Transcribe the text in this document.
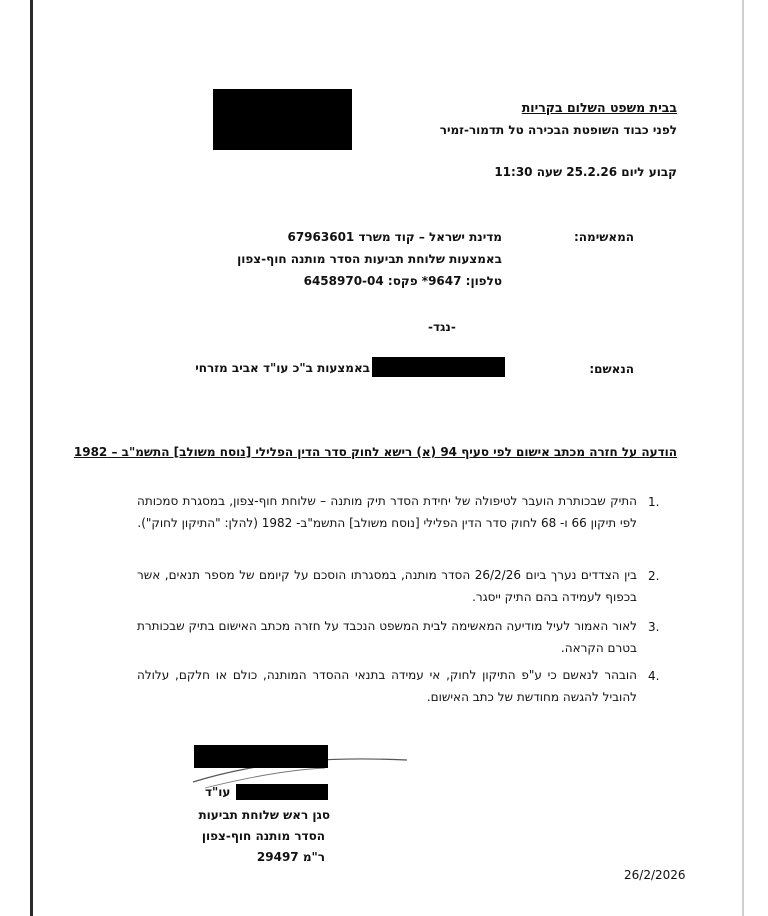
בבית משפט השלום בקריות
לפני כבוד השופטת הבכירה טל תדמור-זמיר
קבוע ליום 25.2.26 שעה 11:30
המאשימה:
מדינת ישראל – קוד משרד 67963601
באמצעות שלוחת תביעות הסדר מותנה חוף-צפון
טלפון: 9647* פקס: 6458970-04
-נגד-
הנאשם:
באמצעות ב"כ עו"ד אביב מזרחי
הודעה על חזרה מכתב אישום לפי סעיף 94 (א) רישא לחוק סדר הדין הפלילי [נוסח משולב] התשמ"ב – 1982
1.
התיק שבכותרת הועבר לטיפולה של יחידת הסדר תיק מותנה – שלוחת חוף-צפון, במסגרת סמכותה לפי תיקון 66 ו- 68 לחוק סדר הדין הפלילי [נוסח משולב] התשמ"ב- 1982 (להלן: "התיקון לחוק").
2.
בין הצדדים נערך ביום 26/2/26 הסדר מותנה, במסגרתו הוסכם על קיומם של מספר תנאים, אשר בכפוף לעמידה בהם התיק ייסגר.
3.
לאור האמור לעיל מודיעה המאשימה לבית המשפט הנכבד על חזרה מכתב האישום בתיק שבכותרת בטרם הקראה.
4.
הובהר לנאשם כי ע"פ התיקון לחוק, אי עמידה בתנאי ההסדר המותנה, כולם או חלקם, עלולה להוביל להגשה מחודשת של כתב האישום.
עו"ד
סגן ראש שלוחת תביעות
הסדר מותנה חוף-צפון
ר"מ 29497
26/2/2026
